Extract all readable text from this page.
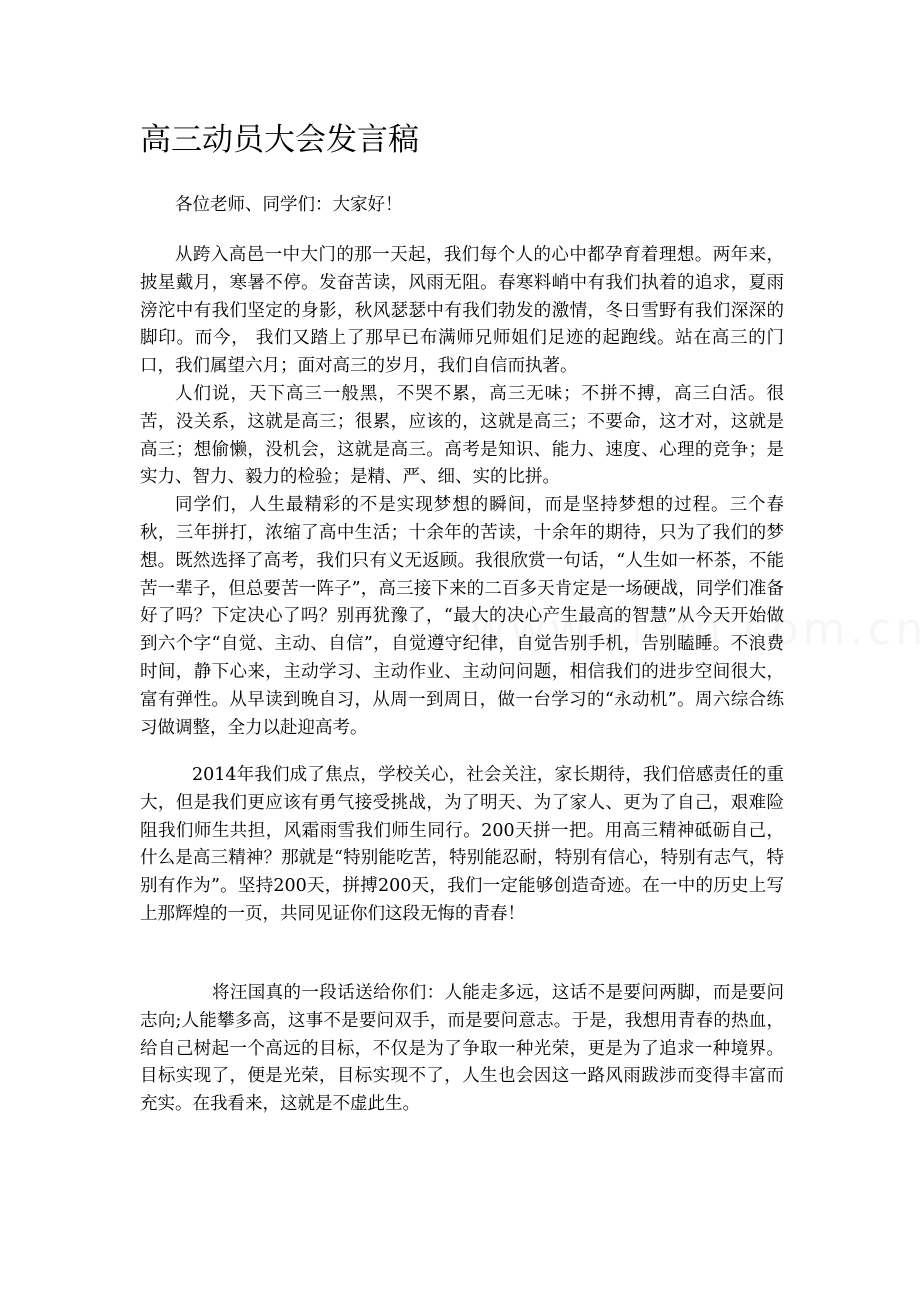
高三动员大会发言稿

各位老师、同学们：大家好！

从跨入高邑一中大门的那一天起，我们每个人的心中都孕育着理想。两年来，披星戴月，寒暑不停。发奋苦读，风雨无阻。春寒料峭中有我们执着的追求，夏雨滂沱中有我们坚定的身影，秋风瑟瑟中有我们勃发的激情，冬日雪野有我们深深的脚印。而今， 我们又踏上了那早已布满师兄师姐们足迹的起跑线。站在高三的门口，我们属望六月；面对高三的岁月，我们自信而执著。

人们说，天下高三一般黑，不哭不累，高三无味；不拼不搏，高三白活。很苦，没关系，这就是高三；很累，应该的，这就是高三；不要命，这才对，这就是高三；想偷懒，没机会，这就是高三。高考是知识、能力、速度、心理的竞争；是实力、智力、毅力的检验；是精、严、细、实的比拼。

同学们，人生最精彩的不是实现梦想的瞬间，而是坚持梦想的过程。三个春秋，三年拼打，浓缩了高中生活；十余年的苦读，十余年的期待，只为了我们的梦想。既然选择了高考，我们只有义无返顾。我很欣赏一句话，“人生如一杯茶，不能苦一辈子，但总要苦一阵子”，高三接下来的二百多天肯定是一场硬战，同学们准备好了吗？下定决心了吗？别再犹豫了，“最大的决心产生最高的智慧”从今天开始做到六个字“自觉、主动、自信”，自觉遵守纪律，自觉告别手机，告别瞌睡。不浪费时间，静下心来，主动学习、主动作业、主动问问题，相信我们的进步空间很大，富有弹性。从早读到晚自习，从周一到周日，做一台学习的“永动机”。周六综合练习做调整，全力以赴迎高考。

2014年我们成了焦点，学校关心，社会关注，家长期待，我们倍感责任的重大，但是我们更应该有勇气接受挑战，为了明天、为了家人、更为了自己，艰难险阻我们师生共担，风霜雨雪我们师生同行。200天拼一把。用高三精神砥砺自己，什么是高三精神？那就是“特别能吃苦，特别能忍耐，特别有信心，特别有志气，特别有作为”。坚持200天，拼搏200天，我们一定能够创造奇迹。在一中的历史上写上那辉煌的一页，共同见证你们这段无悔的青春！

将汪国真的一段话送给你们：人能走多远，这话不是要问两脚，而是要问志向;人能攀多高，这事不是要问双手，而是要问意志。于是，我想用青春的热血，给自己树起一个高远的目标，不仅是为了争取一种光荣，更是为了追求一种境界。目标实现了，便是光荣，目标实现不了，人生也会因这一路风雨跋涉而变得丰富而充实。在我看来，这就是不虚此生。
